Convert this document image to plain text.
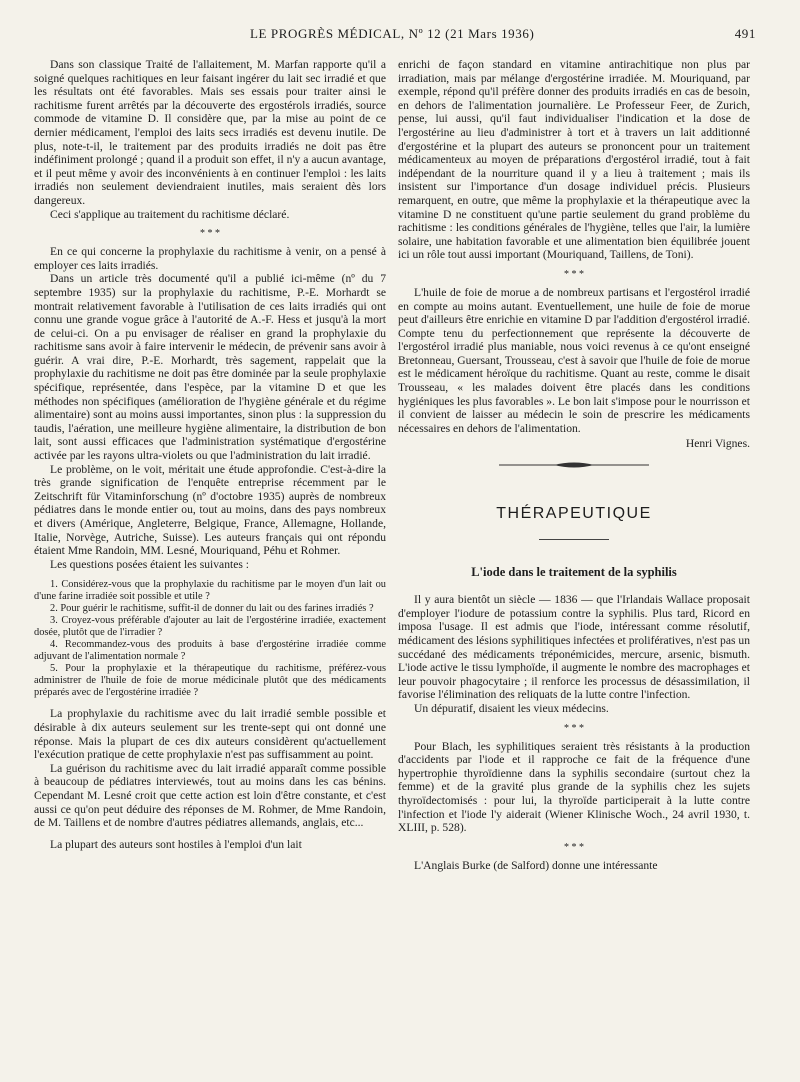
LE PROGRÈS MÉDICAL, Nº 12 (21 Mars 1936)	491

Dans son classique Traité de l'allaitement, M. Marfan rapporte qu'il a soigné quelques rachitiques en leur faisant ingérer du lait sec irradié et que les résultats ont été favorables. Mais ses essais pour traiter ainsi le rachitisme furent arrêtés par la découverte des ergostérols irradiés, source commode de vitamine D. Il considère que, par la mise au point de ce dernier médicament, l'emploi des laits secs irradiés est devenu inutile. De plus, note-t-il, le traitement par des produits irradiés ne doit pas être indéfiniment prolongé ; quand il a produit son effet, il n'y a aucun avantage, et il peut même y avoir des inconvénients à en continuer l'emploi : les laits irradiés non seulement deviendraient inutiles, mais seraient dès lors dangereux.

Ceci s'applique au traitement du rachitisme déclaré.

* * *

En ce qui concerne la prophylaxie du rachitisme à venir, on a pensé à employer ces laits irradiés.

Dans un article très documenté qu'il a publié ici-même (nº du 7 septembre 1935) sur la prophylaxie du rachitisme, P.-E. Morhardt se montrait relativement favorable à l'utilisation de ces laits irradiés qui ont connu une grande vogue grâce à l'autorité de A.-F. Hess et jusqu'à la mort de celui-ci. On a pu envisager de réaliser en grand la prophylaxie du rachitisme sans avoir à faire intervenir le médecin, de prévenir sans avoir à guérir. A vrai dire, P.-E. Morhardt, très sagement, rappelait que la prophylaxie du rachitisme ne doit pas être dominée par la seule prophylaxie spécifique, représentée, dans l'espèce, par la vitamine D et que les méthodes non spécifiques (amélioration de l'hygiène générale et du régime alimentaire) sont au moins aussi importantes, sinon plus : la suppression du taudis, l'aération, une meilleure hygiène alimentaire, la distribution de bon lait, sont aussi efficaces que l'administration systématique d'ergostérine activée par les rayons ultra-violets ou que l'administration du lait irradié.

Le problème, on le voit, méritait une étude approfondie. C'est-à-dire la très grande signification de l'enquête entreprise récemment par le Zeitschrift für Vitaminforschung (nº d'octobre 1935) auprès de nombreux pédiatres dans le monde entier ou, tout au moins, dans des pays nombreux et divers (Amérique, Angleterre, Belgique, France, Allemagne, Hollande, Italie, Norvège, Autriche, Suisse). Les auteurs français qui ont répondu étaient Mme Randoin, MM. Lesné, Mouriquand, Péhu et Rohmer.

Les questions posées étaient les suivantes :

1. Considérez-vous que la prophylaxie du rachitisme par le moyen d'un lait ou d'une farine irradiée soit possible et utile ?

2. Pour guérir le rachitisme, suffit-il de donner du lait ou des farines irradiés ?

3. Croyez-vous préférable d'ajouter au lait de l'ergostérine irradiée, exactement dosée, plutôt que de l'irradier ?

4. Recommandez-vous des produits à base d'ergostérine irradiée comme adjuvant de l'alimentation normale ?

5. Pour la prophylaxie et la thérapeutique du rachitisme, préférez-vous administrer de l'huile de foie de morue médicinale plutôt que des médicaments préparés avec de l'ergostérine irradiée ?

La prophylaxie du rachitisme avec du lait irradié semble possible et désirable à dix auteurs seulement sur les trente-sept qui ont donné une réponse. Mais la plupart de ces dix auteurs considèrent qu'actuellement l'exécution pratique de cette prophylaxie n'est pas suffisamment au point.

La guérison du rachitisme avec du lait irradié apparaît comme possible à beaucoup de pédiatres interviewés, tout au moins dans les cas bénins. Cependant M. Lesné croit que cette action est loin d'être constante, et c'est aussi ce qu'on peut déduire des réponses de M. Rohmer, de Mme Randoin, de M. Taillens et de nombre d'autres pédiatres allemands, anglais, etc...

La plupart des auteurs sont hostiles à l'emploi d'un lait

enrichi de façon standard en vitamine antirachitique non plus par irradiation, mais par mélange d'ergostérine irradiée. M. Mouriquand, par exemple, répond qu'il préfère donner des produits irradiés en cas de besoin, en dehors de l'alimentation journalière. Le Professeur Feer, de Zurich, pense, lui aussi, qu'il faut individualiser l'indication et la dose de l'ergostérine au lieu d'administrer à tort et à travers un lait additionné d'ergostérine et la plupart des auteurs se prononcent pour un traitement médicamenteux au moyen de préparations d'ergostérol irradié, tout à fait indépendant de la nourriture quand il y a lieu à traitement ; mais ils insistent sur l'importance d'un dosage individuel précis. Plusieurs remarquent, en outre, que même la prophylaxie et la thérapeutique avec la vitamine D ne constituent qu'une partie seulement du grand problème du rachitisme : les conditions générales de l'hygiène, telles que l'air, la lumière solaire, une habitation favorable et une alimentation bien équilibrée jouent ici un rôle tout aussi important (Mouriquand, Taillens, de Toni).

* * *

L'huile de foie de morue a de nombreux partisans et l'ergostérol irradié en compte au moins autant. Eventuellement, une huile de foie de morue peut d'ailleurs être enrichie en vitamine D par l'addition d'ergostérol irradié. Compte tenu du perfectionnement que représente la découverte de l'ergostérol irradié plus maniable, nous voici revenus à ce qu'ont enseigné Bretonneau, Guersant, Trousseau, c'est à savoir que l'huile de foie de morue est le médicament héroïque du rachitisme. Quant au reste, comme le disait Trousseau, « les malades doivent être placés dans les conditions hygiéniques les plus favorables ». Le bon lait s'impose pour le nourrisson et il convient de laisser au médecin le soin de prescrire les médicaments nécessaires en dehors de l'alimentation.

Henri Vignes.

THÉRAPEUTIQUE
L'iode dans le traitement de la syphilis

Il y aura bientôt un siècle — 1836 — que l'Irlandais Wallace proposait d'employer l'iodure de potassium contre la syphilis. Plus tard, Ricord en imposa l'usage. Il est admis que l'iode, intéressant comme résolutif, médicament des lésions syphilitiques infectées et prolifératives, n'est pas un succédané des médicaments tréponémicides, mercure, arsenic, bismuth. L'iode active le tissu lymphoïde, il augmente le nombre des macrophages et leur pouvoir phagocytaire ; il renforce les processus de désassimilation, il favorise l'élimination des reliquats de la lutte contre l'infection.

Un dépuratif, disaient les vieux médecins.

* * *

Pour Blach, les syphilitiques seraient très résistants à la production d'accidents par l'iode et il rapproche ce fait de la fréquence d'une hypertrophie thyroïdienne dans la syphilis secondaire (surtout chez la femme) et de la gravité plus grande de la syphilis chez les sujets thyroïdectomisés : pour lui, la thyroïde participerait à la lutte contre l'infection et l'iode l'y aiderait (Wiener Klinische Woch., 24 avril 1930, t. XLIII, p. 528).

* * *

L'Anglais Burke (de Salford) donne une intéressante
